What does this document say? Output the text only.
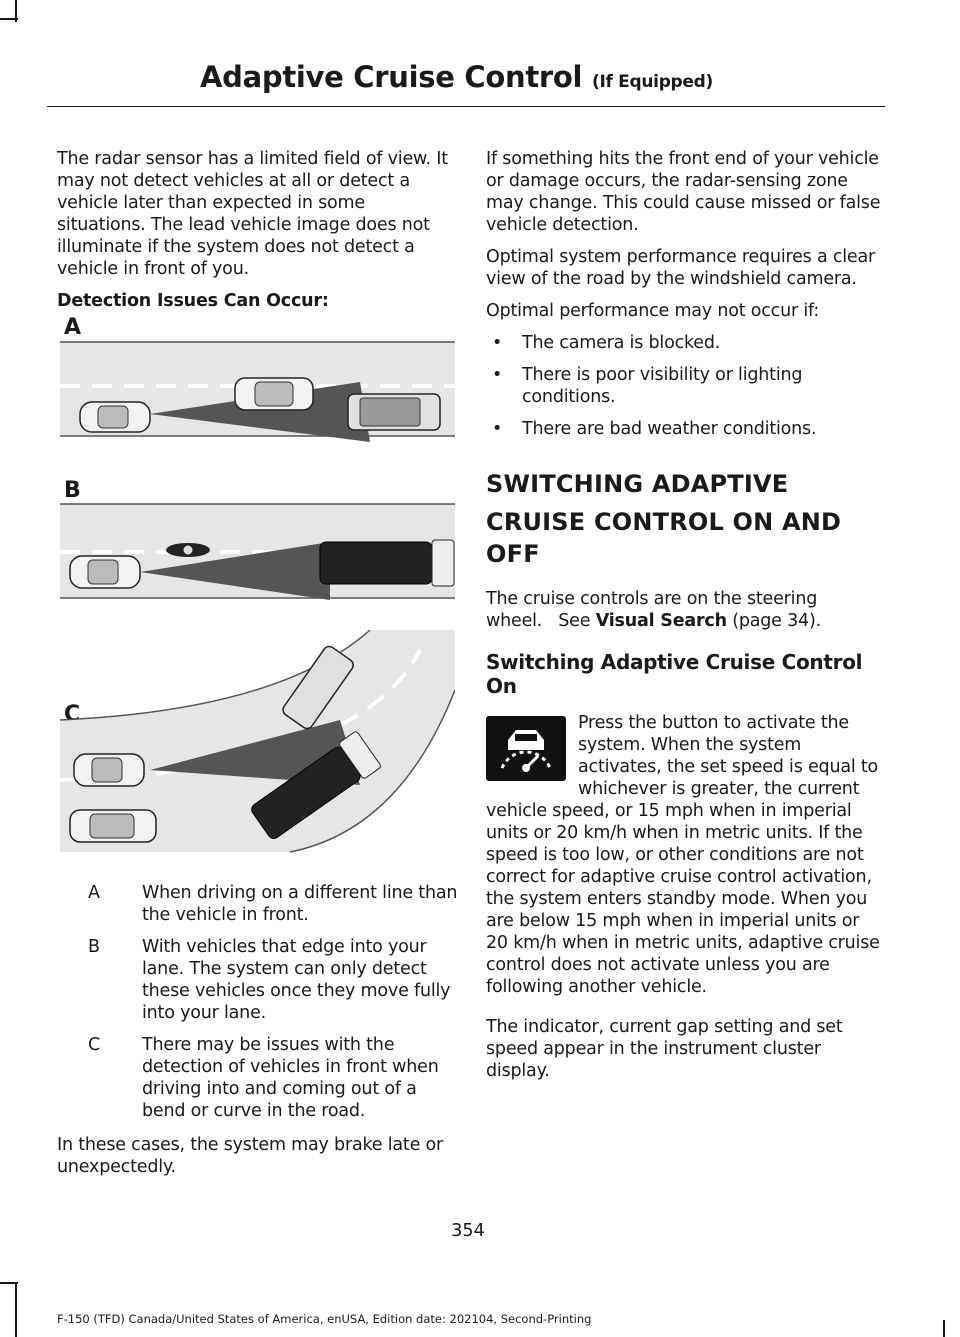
Adaptive Cruise Control (If Equipped)

The radar sensor has a limited field of view. It may not detect vehicles at all or detect a vehicle later than expected in some situations. The lead vehicle image does not illuminate if the system does not detect a vehicle in front of you.

Detection Issues Can Occur:

A
B
C
A	When driving on a different line than the vehicle in front.
B	With vehicles that edge into your lane. The system can only detect these vehicles once they move fully into your lane.
C	There may be issues with the detection of vehicles in front when driving into and coming out of a bend or curve in the road.

In these cases, the system may brake late or unexpectedly.

If something hits the front end of your vehicle or damage occurs, the radar-sensing zone may change. This could cause missed or false vehicle detection.

Optimal system performance requires a clear view of the road by the windshield camera.

Optimal performance may not occur if:

• The camera is blocked.
• There is poor visibility or lighting conditions.
• There are bad weather conditions.
SWITCHING ADAPTIVE
CRUISE CONTROL ON AND OFF

The cruise controls are on the steering wheel. See Visual Search (page 34).

Switching Adaptive Cruise Control On

Press the button to activate the system. When the system activates, the set speed is equal to whichever is greater, the current vehicle speed, or 15 mph when in imperial units or 20 km/h when in metric units. If the speed is too low, or other conditions are not correct for adaptive cruise control activation, the system enters standby mode. When you are below 15 mph when in imperial units or 20 km/h when in metric units, adaptive cruise control does not activate unless you are following another vehicle.

The indicator, current gap setting and set speed appear in the instrument cluster display.

354
F-150 (TFD) Canada/United States of America, enUSA, Edition date: 202104, Second-Printing
